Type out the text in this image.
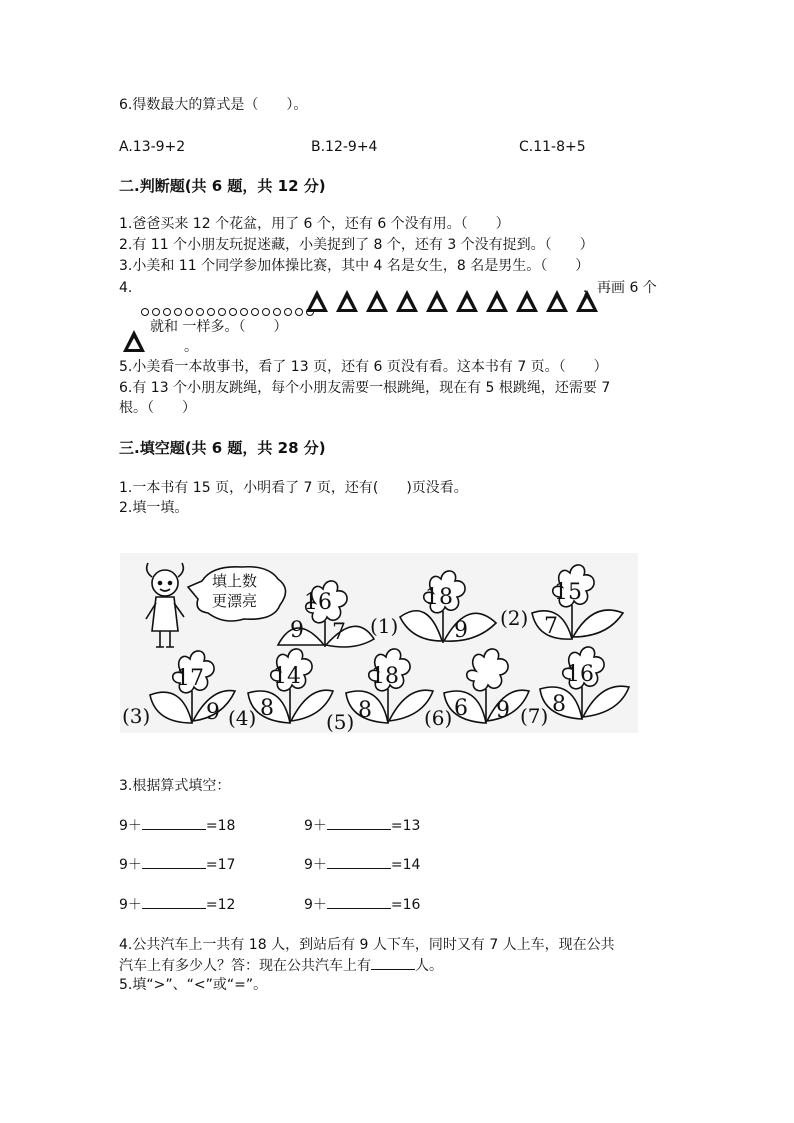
6.得数最大的算式是（　　）。
A.13-9+2	B.12-9+4	C.11-8+5
二.判断题(共 6 题，共 12 分)
1.爸爸买来 12 个花盆，用了 6 个，还有 6 个没有用。（　　）
2.有 11 个小朋友玩捉迷藏，小美捉到了 8 个，还有 3 个没有捉到。（　　）
3.小美和 11 个同学参加体操比赛，其中 4 名是女生，8 名是男生。（　　）
4.	，再画 6 个
就和 一样多。（　　）
。
5.小美看一本故事书，看了 13 页，还有 6 页没有看。这本书有 7 页。（　　）
6.有 13 个小朋友跳绳，每个小朋友需要一根跳绳，现在有 5 根跳绳，还需要 7
根。（　　）
三.填空题(共 6 题，共 28 分)
1.一本书有 15 页，小明看了 7 页，还有(　　)页没看。
2.填一填。
填上数
更漂亮 16
9 7 (1)
18
9 (2)
15
7
(3)
17
9 (4)
14
8
(5)
18
8	(6) 6 9 (7)
16
8
3.根据算式填空：
9＋	=18	9＋	=13
9＋	=17	9＋	=14
9＋	=12	9＋	=16
4.公共汽车上一共有 18 人，到站后有 9 人下车，同时又有 7 人上车，现在公共
汽车上有多少人？答：现在公共汽车上有	人。
5.填“>”、“<”或“=”。
